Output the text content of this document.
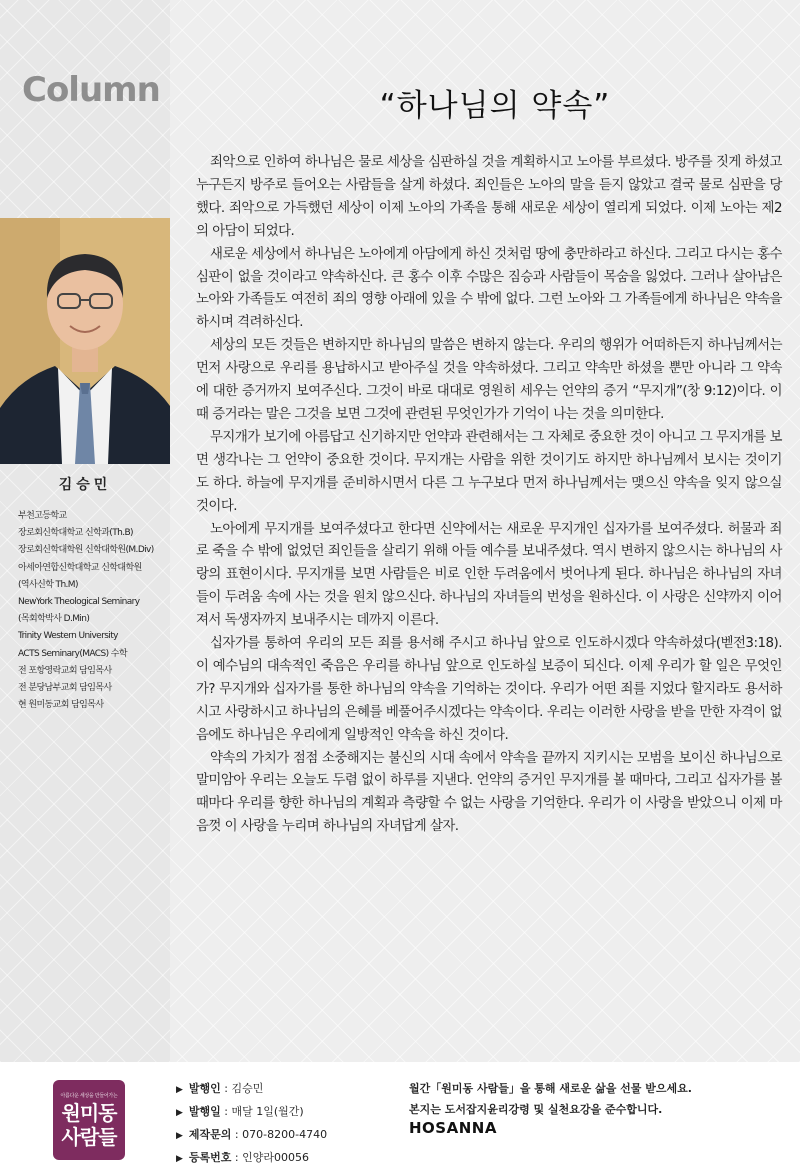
Column
김승민
부천고등학교
장로회신학대학교 신학과(Th.B)
장로회신학대학원 신학대학원(M.Div)
아세아연합신학대학교 신학대학원
(역사신학 Th.M)
NewYork Theological Seminary
(목회학박사 D.Min)
Trinity Western University
ACTS Seminary(MACS) 수학
전 포항영락교회 담임목사
전 분당남부교회 담임목사
현 원미동교회 담임목사
“하나님의 약속”

죄악으로 인하여 하나님은 물로 세상을 심판하실 것을 계획하시고 노아를 부르셨다. 방주를 짓게 하셨고 누구든지 방주로 들어오는 사람들을 살게 하셨다. 죄인들은 노아의 말을 듣지 않았고 결국 물로 심판을 당했다. 죄악으로 가득했던 세상이 이제 노아의 가족을 통해 새로운 세상이 열리게 되었다. 이제 노아는 제2의 아담이 되었다.

새로운 세상에서 하나님은 노아에게 아담에게 하신 것처럼 땅에 충만하라고 하신다. 그리고 다시는 홍수 심판이 없을 것이라고 약속하신다. 큰 홍수 이후 수많은 짐승과 사람들이 목숨을 잃었다. 그러나 살아남은 노아와 가족들도 여전히 죄의 영향 아래에 있을 수 밖에 없다. 그런 노아와 그 가족들에게 하나님은 약속을 하시며 격려하신다.

세상의 모든 것들은 변하지만 하나님의 말씀은 변하지 않는다. 우리의 행위가 어떠하든지 하나님께서는 먼저 사랑으로 우리를 용납하시고 받아주실 것을 약속하셨다. 그리고 약속만 하셨을 뿐만 아니라 그 약속에 대한 증거까지 보여주신다. 그것이 바로 대대로 영원히 세우는 언약의 증거 “무지개”(창 9:12)이다. 이때 증거라는 말은 그것을 보면 그것에 관련된 무엇인가가 기억이 나는 것을 의미한다.

무지개가 보기에 아름답고 신기하지만 언약과 관련해서는 그 자체로 중요한 것이 아니고 그 무지개를 보면 생각나는 그 언약이 중요한 것이다. 무지개는 사람을 위한 것이기도 하지만 하나님께서 보시는 것이기도 하다. 하늘에 무지개를 준비하시면서 다른 그 누구보다 먼저 하나님께서는 맺으신 약속을 잊지 않으실 것이다.

노아에게 무지개를 보여주셨다고 한다면 신약에서는 새로운 무지개인 십자가를 보여주셨다. 허물과 죄로 죽을 수 밖에 없었던 죄인들을 살리기 위해 아들 예수를 보내주셨다. 역시 변하지 않으시는 하나님의 사랑의 표현이시다. 무지개를 보면 사람들은 비로 인한 두려움에서 벗어나게 된다. 하나님은 하나님의 자녀들이 두려움 속에 사는 것을 원치 않으신다. 하나님의 자녀들의 번성을 원하신다. 이 사랑은 신약까지 이어져서 독생자까지 보내주시는 데까지 이른다.

십자가를 통하여 우리의 모든 죄를 용서해 주시고 하나님 앞으로 인도하시겠다 약속하셨다(벧전3:18). 이 예수님의 대속적인 죽음은 우리를 하나님 앞으로 인도하실 보증이 되신다. 이제 우리가 할 일은 무엇인가? 무지개와 십자가를 통한 하나님의 약속을 기억하는 것이다. 우리가 어떤 죄를 지었다 할지라도 용서하시고 사랑하시고 하나님의 은혜를 베풀어주시겠다는 약속이다. 우리는 이러한 사랑을 받을 만한 자격이 없음에도 하나님은 우리에게 일방적인 약속을 하신 것이다.

약속의 가치가 점점 소중해지는 불신의 시대 속에서 약속을 끝까지 지키시는 모범을 보이신 하나님으로 말미암아 우리는 오늘도 두렴 없이 하루를 지낸다. 언약의 증거인 무지개를 볼 때마다, 그리고 십자가를 볼 때마다 우리를 향한 하나님의 계획과 측량할 수 없는 사랑을 기억한다. 우리가 이 사랑을 받았으니 이제 마음껏 이 사랑을 누리며 하나님의 자녀답게 살자.

아름다운 세상을 만들어가는
원미동
사람들
▶ 발행인 : 김승민
▶ 발행일 : 매달 1일(월간)
▶ 제작문의 : 070-8200-4740
▶ 등록번호 : 인양라00056

월간「원미동 사람들」을 통해 새로운 삶을 선물 받으세요.

본지는 도서잡지윤리강령 및 실천요강을 준수합니다.

HOSANNA
